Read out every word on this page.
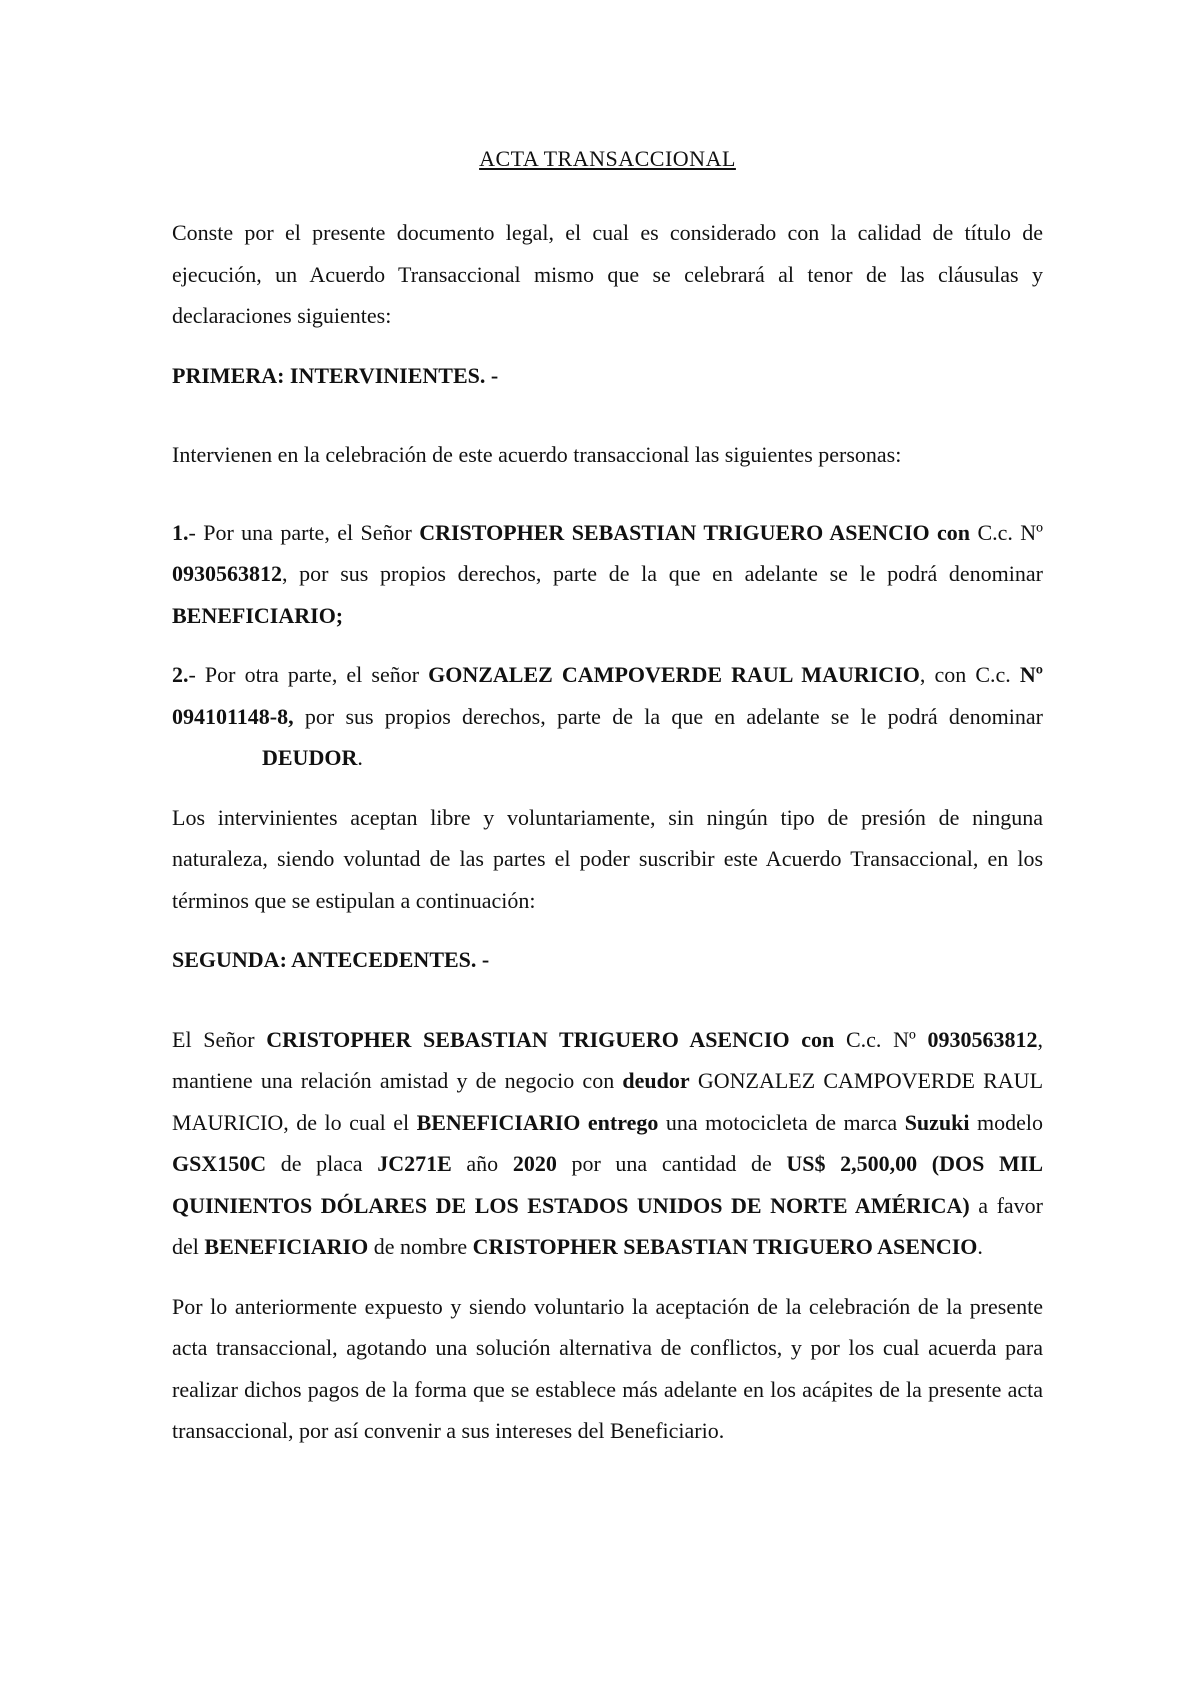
ACTA TRANSACCIONAL

Conste por el presente documento legal, el cual es considerado con la calidad de título de ejecución, un Acuerdo Transaccional mismo que se celebrará al tenor de las cláusulas y declaraciones siguientes:

PRIMERA: INTERVINIENTES. -

Intervienen en la celebración de este acuerdo transaccional las siguientes personas:

1.- Por una parte, el Señor CRISTOPHER SEBASTIAN TRIGUERO ASENCIO con C.c. Nº 0930563812, por sus propios derechos, parte de la que en adelante se le podrá denominar BENEFICIARIO;

2.- Por otra parte, el señor GONZALEZ CAMPOVERDE RAUL MAURICIO, con C.c. Nº 094101148-8, por sus propios derechos, parte de la que en adelante se le podrá denominarDEUDOR.

Los intervinientes aceptan libre y voluntariamente, sin ningún tipo de presión de ninguna naturaleza, siendo voluntad de las partes el poder suscribir este Acuerdo Transaccional, en los términos que se estipulan a continuación:

SEGUNDA: ANTECEDENTES. -

El Señor CRISTOPHER SEBASTIAN TRIGUERO ASENCIO con C.c. Nº 0930563812, mantiene una relación amistad y de negocio con deudor GONZALEZ CAMPOVERDE RAUL MAURICIO, de lo cual el BENEFICIARIO entrego una motocicleta de marca Suzuki modelo GSX150C de placa JC271E año 2020 por una cantidad de US$ 2,500,00 (DOS MIL QUINIENTOS DÓLARES DE LOS ESTADOS UNIDOS DE NORTE AMÉRICA) a favor del BENEFICIARIO de nombre CRISTOPHER SEBASTIAN TRIGUERO ASENCIO.

Por lo anteriormente expuesto y siendo voluntario la aceptación de la celebración de la presente acta transaccional, agotando una solución alternativa de conflictos, y por los cual acuerda para realizar dichos pagos de la forma que se establece más adelante en los acápites de la presente acta transaccional, por así convenir a sus intereses del Beneficiario.
